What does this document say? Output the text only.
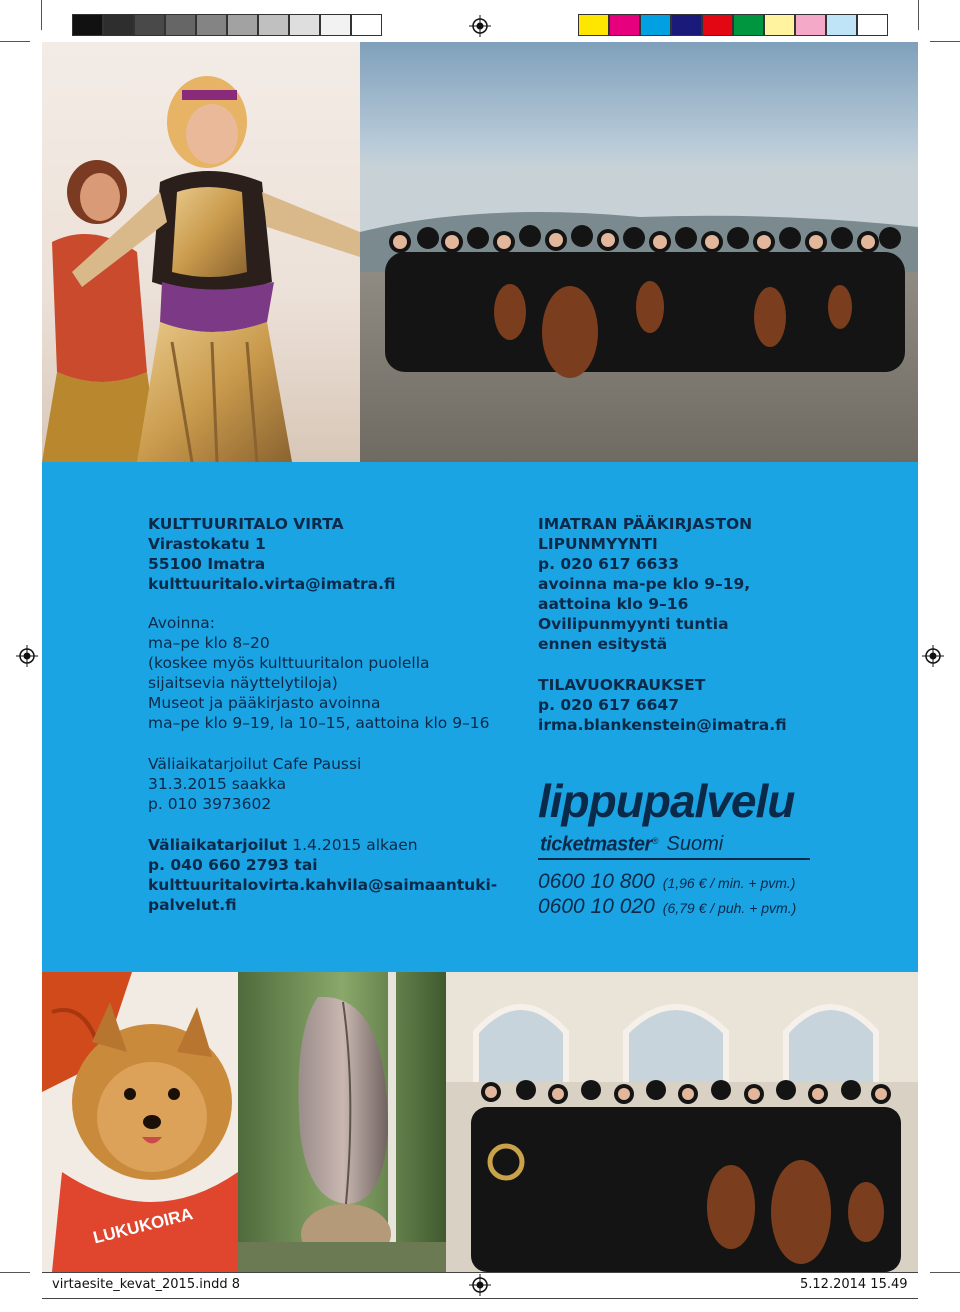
KULTTUURITALO VIRTA
Virastokatu 1
55100 Imatra
kulttuuritalo.virta@imatra.fi
Avoinna:
ma–pe klo 8–20
(koskee myös kulttuuritalon puolella
sijaitsevia näyttelytiloja)
Museot ja pääkirjasto avoinna
ma–pe klo 9–19, la 10–15, aattoina klo 9–16
Väliaikatarjoilut Cafe Paussi
31.3.2015 saakka
p. 010 3973602
Väliaikatarjoilut 1.4.2015 alkaen
p. 040 660 2793 tai
kulttuuritalovirta.kahvila@saimaantuki-
palvelut.fi
IMATRAN PÄÄKIRJASTON
LIPUNMYYNTI
p. 020 617 6633
avoinna ma-pe klo 9–19,
aattoina klo 9–16
Ovilipunmyynti tuntia
ennen esitystä
TILAVUOKRAUKSET
p. 020 617 6647
irma.blankenstein@imatra.fi
lippupalvelu
ticketmaster® Suomi
0600 10 800 (1,96 € / min. + pvm.)
0600 10 020 (6,79 € / puh. + pvm.)
LUKUKOIRA
virtaesite_kevat_2015.indd 8	5.12.2014 15.49
